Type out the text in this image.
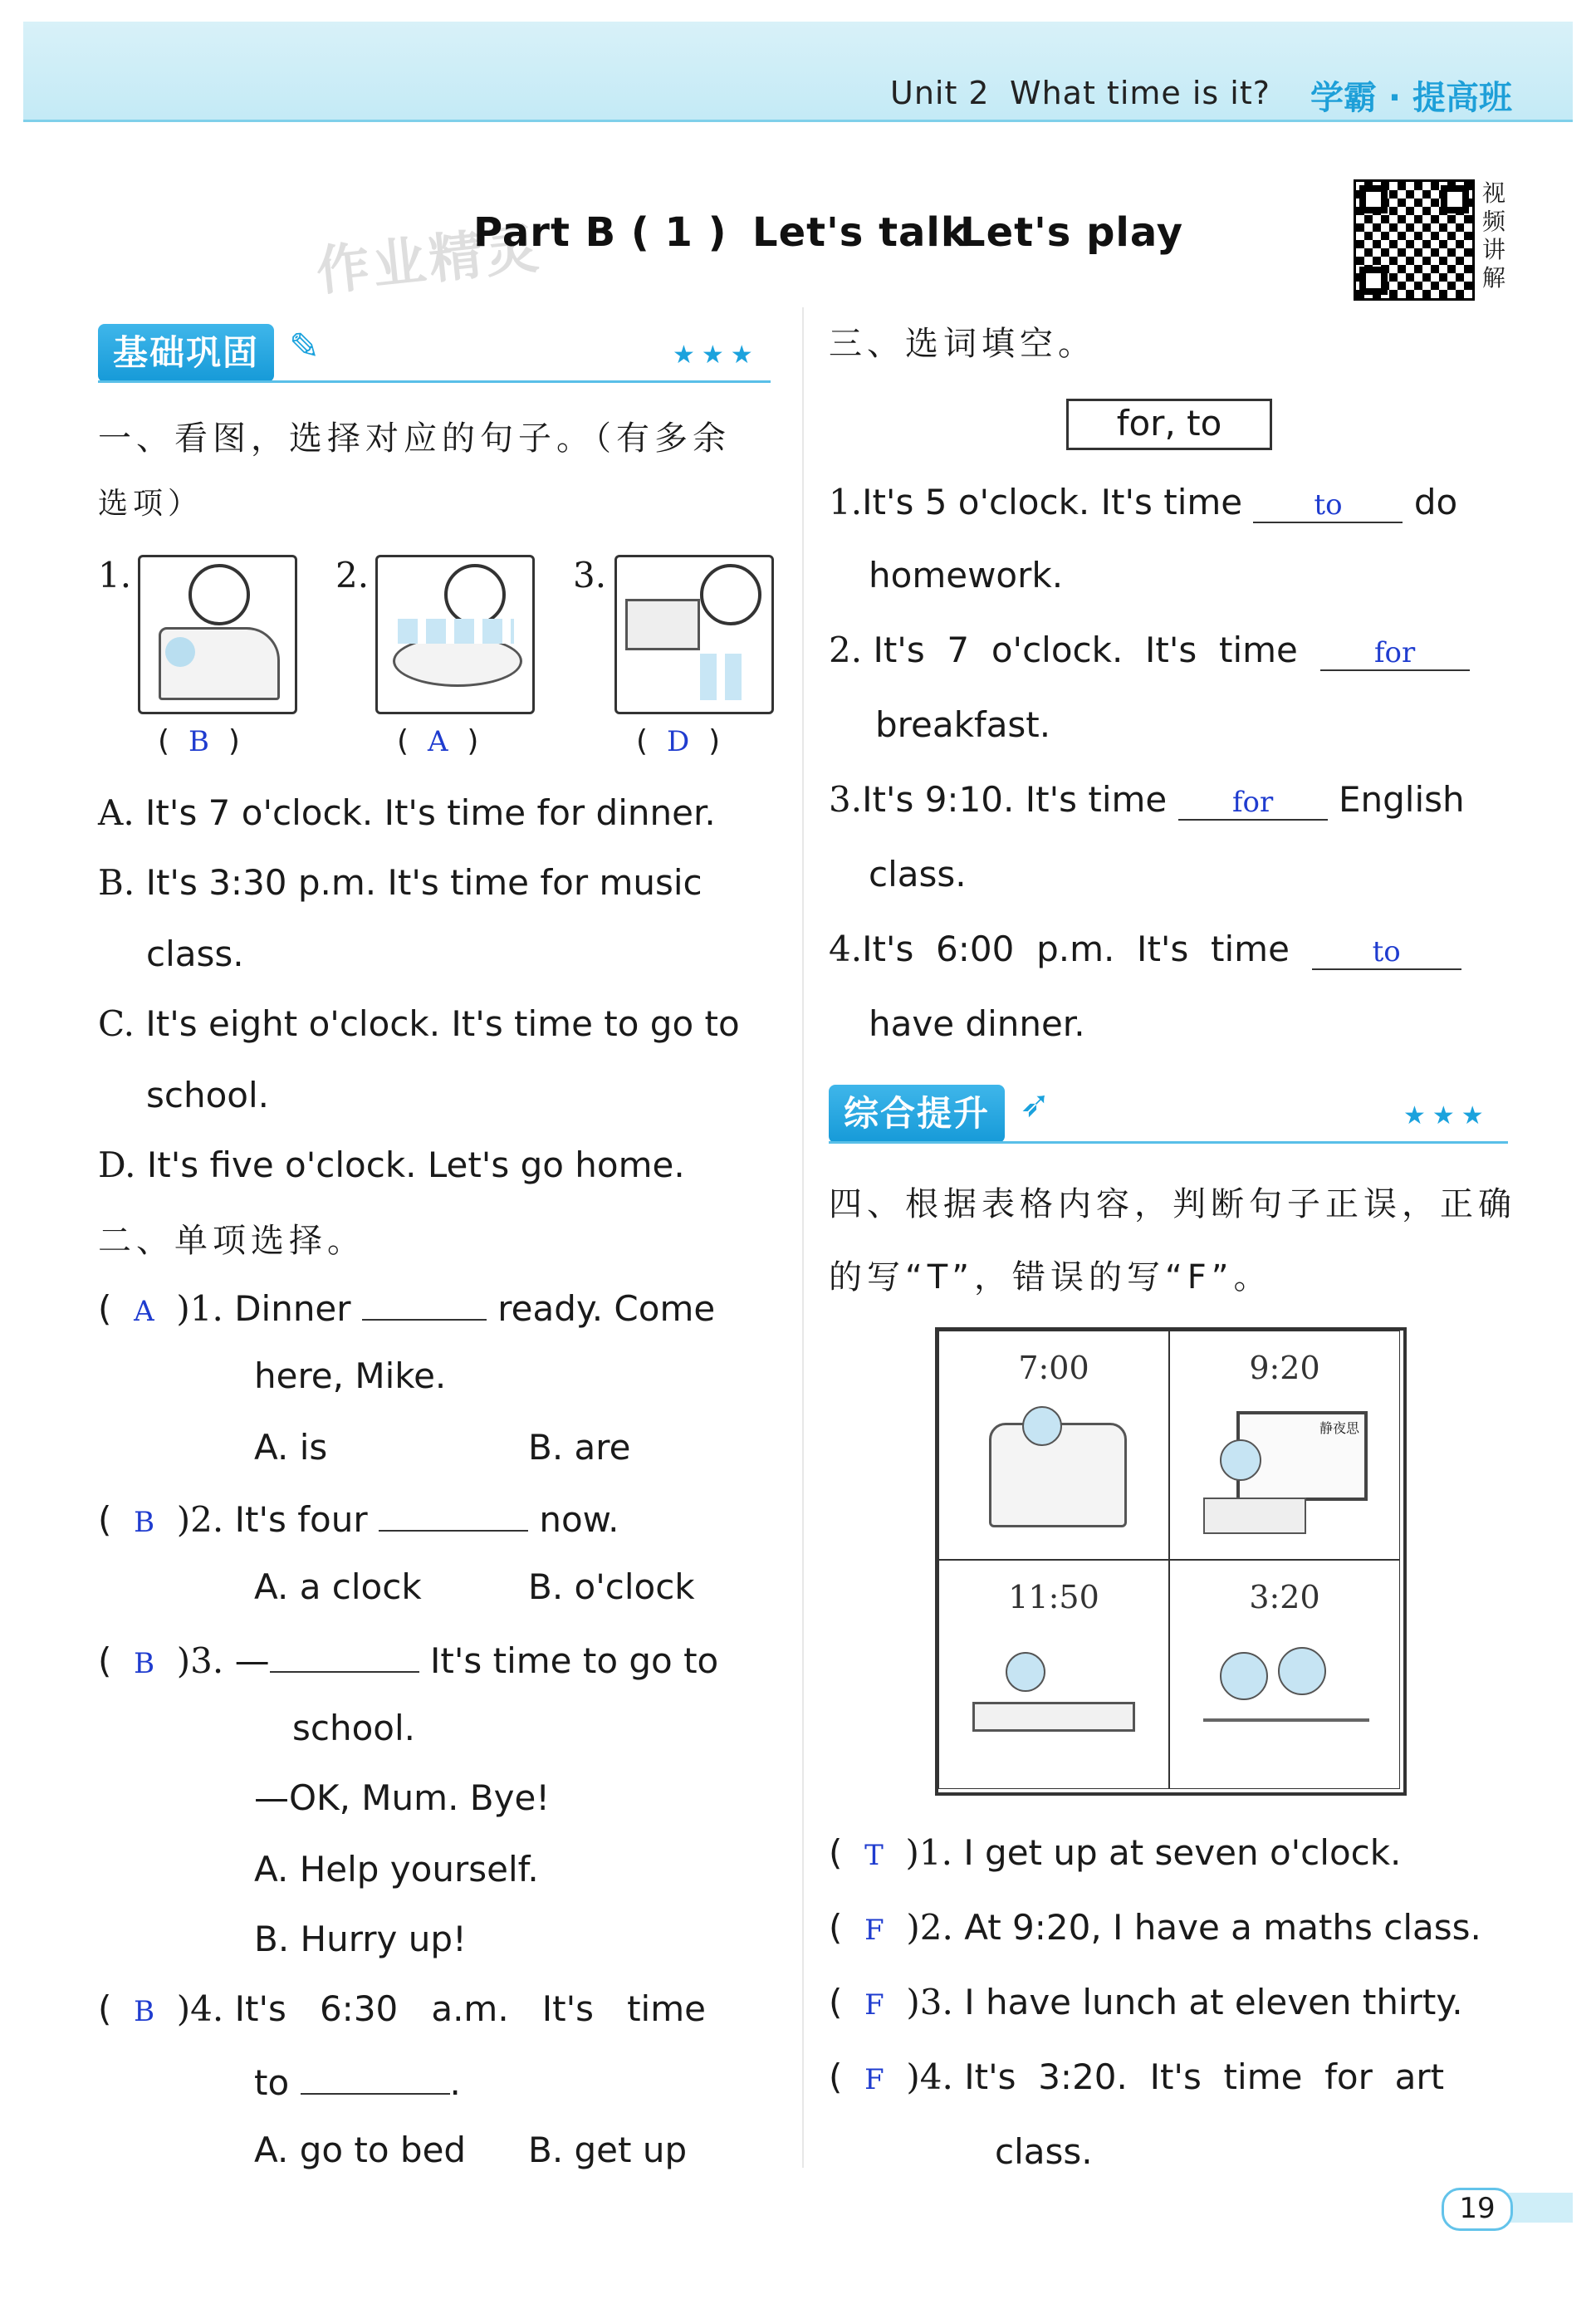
Unit 2 What time is it? 学霸 · 提高班
作业精灵
Part B ( 1 ) Let's talk
Let's play
视频讲解
基础巩固 ✎	★★★
一、看图，选择对应的句子。（有多余
选项）
1.	2.	3.
(  B  )	(  A  )	(  D  )
A. It's 7 o'clock. It's time for dinner.
B. It's 3:30 p.m. It's time for music
class.
C. It's eight o'clock. It's time to go to
school.
D. It's five o'clock. Let's go home.
二、单项选择。
(  A )1. Dinner	ready. Come
here, Mike.
A. is	B. are
(  B )2. It's four	now.
A. a clock	B. o'clock
(  B )3. —	It's time to go to
school.
—OK, Mum. Bye!
A. Help yourself.
B. Hurry up!
(  B )4. It's   6:30   a.m.   It's   time
to	.
A. go to bed B. get up
三、选词填空。
for, to
1.It's 5 o'clock. It's time	to do
homework.
2. It's  7  o'clock.  It's  time	for
breakfast.
3.It's 9:10. It's time for English
class.
4.It's  6:00  p.m.  It's  time	to
have dinner.
综合提升 ➶	★★★
四、根据表格内容，判断句子正误，正确
的写“T”，错误的写“F”。
7:00	9:20
静夜思
11:50	3:20
(  T )1. I get up at seven o'clock.
(  F )2. At 9:20, I have a maths class.
(  F )3. I have lunch at eleven thirty.
(  F )4. It's  3:20.  It's  time  for  art
class.
19
